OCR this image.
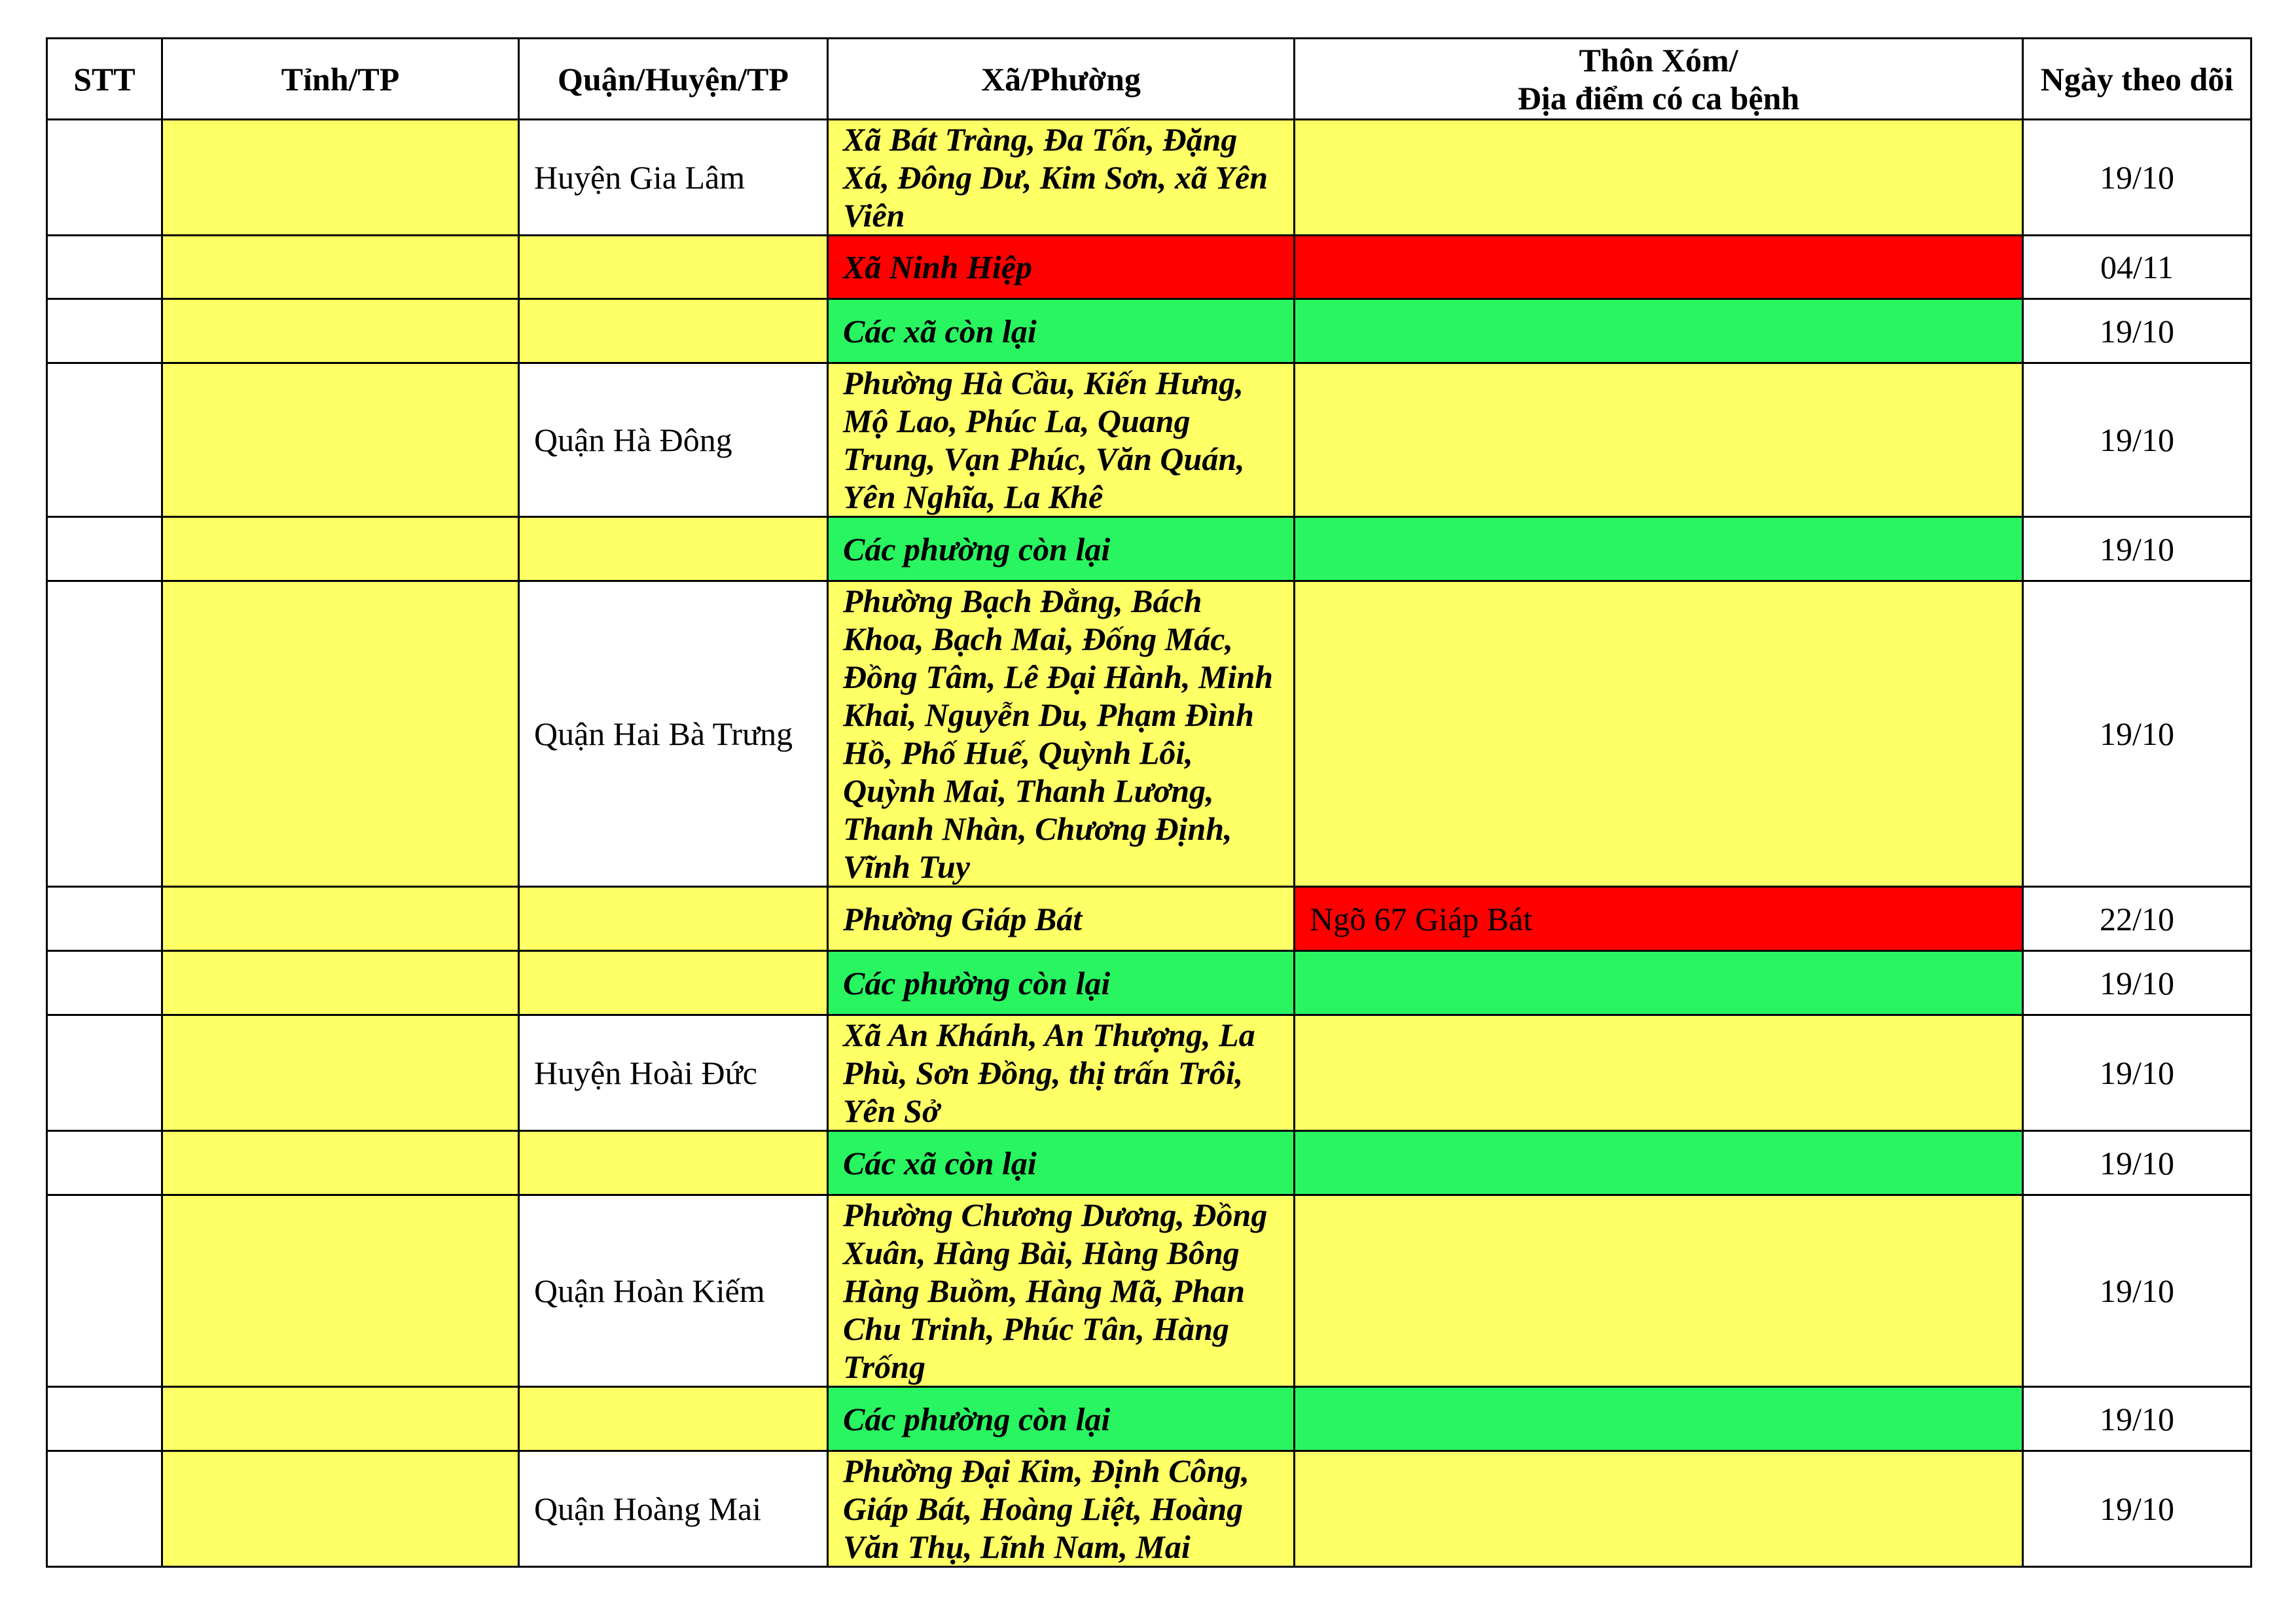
STT	Tỉnh/TP	Quận/Huyện/TP	Xã/Phường	Thôn Xóm/
Địa điểm có ca bệnh	Ngày theo dõi
		Huyện Gia Lâm	Xã Bát Tràng, Đa Tốn, Đặng Xá, Đông Dư, Kim Sơn, xã Yên Viên		19/10
			Xã Ninh Hiệp		04/11
			Các xã còn lại		19/10
		Quận Hà Đông	Phường Hà Cầu, Kiến Hưng, Mộ Lao, Phúc La, Quang Trung, Vạn Phúc, Văn Quán, Yên Nghĩa, La Khê		19/10
			Các phường còn lại		19/10
		Quận Hai Bà Trưng	Phường Bạch Đằng, Bách Khoa, Bạch Mai, Đống Mác, Đồng Tâm, Lê Đại Hành, Minh Khai, Nguyễn Du, Phạm Đình Hồ, Phố Huế, Quỳnh Lôi, Quỳnh Mai, Thanh Lương, Thanh Nhàn, Chương Định, Vĩnh Tuy		19/10
			Phường Giáp Bát	Ngõ 67 Giáp Bát	22/10
			Các phường còn lại		19/10
		Huyện Hoài Đức	Xã An Khánh, An Thượng, La Phù, Sơn Đồng, thị trấn Trôi, Yên Sở		19/10
			Các xã còn lại		19/10
		Quận Hoàn Kiếm	Phường Chương Dương, Đồng Xuân, Hàng Bài, Hàng Bông Hàng Buồm, Hàng Mã, Phan Chu Trinh, Phúc Tân, Hàng Trống		19/10
			Các phường còn lại		19/10
		Quận Hoàng Mai	Phường Đại Kim, Định Công, Giáp Bát, Hoàng Liệt, Hoàng Văn Thụ, Lĩnh Nam, Mai		19/10
